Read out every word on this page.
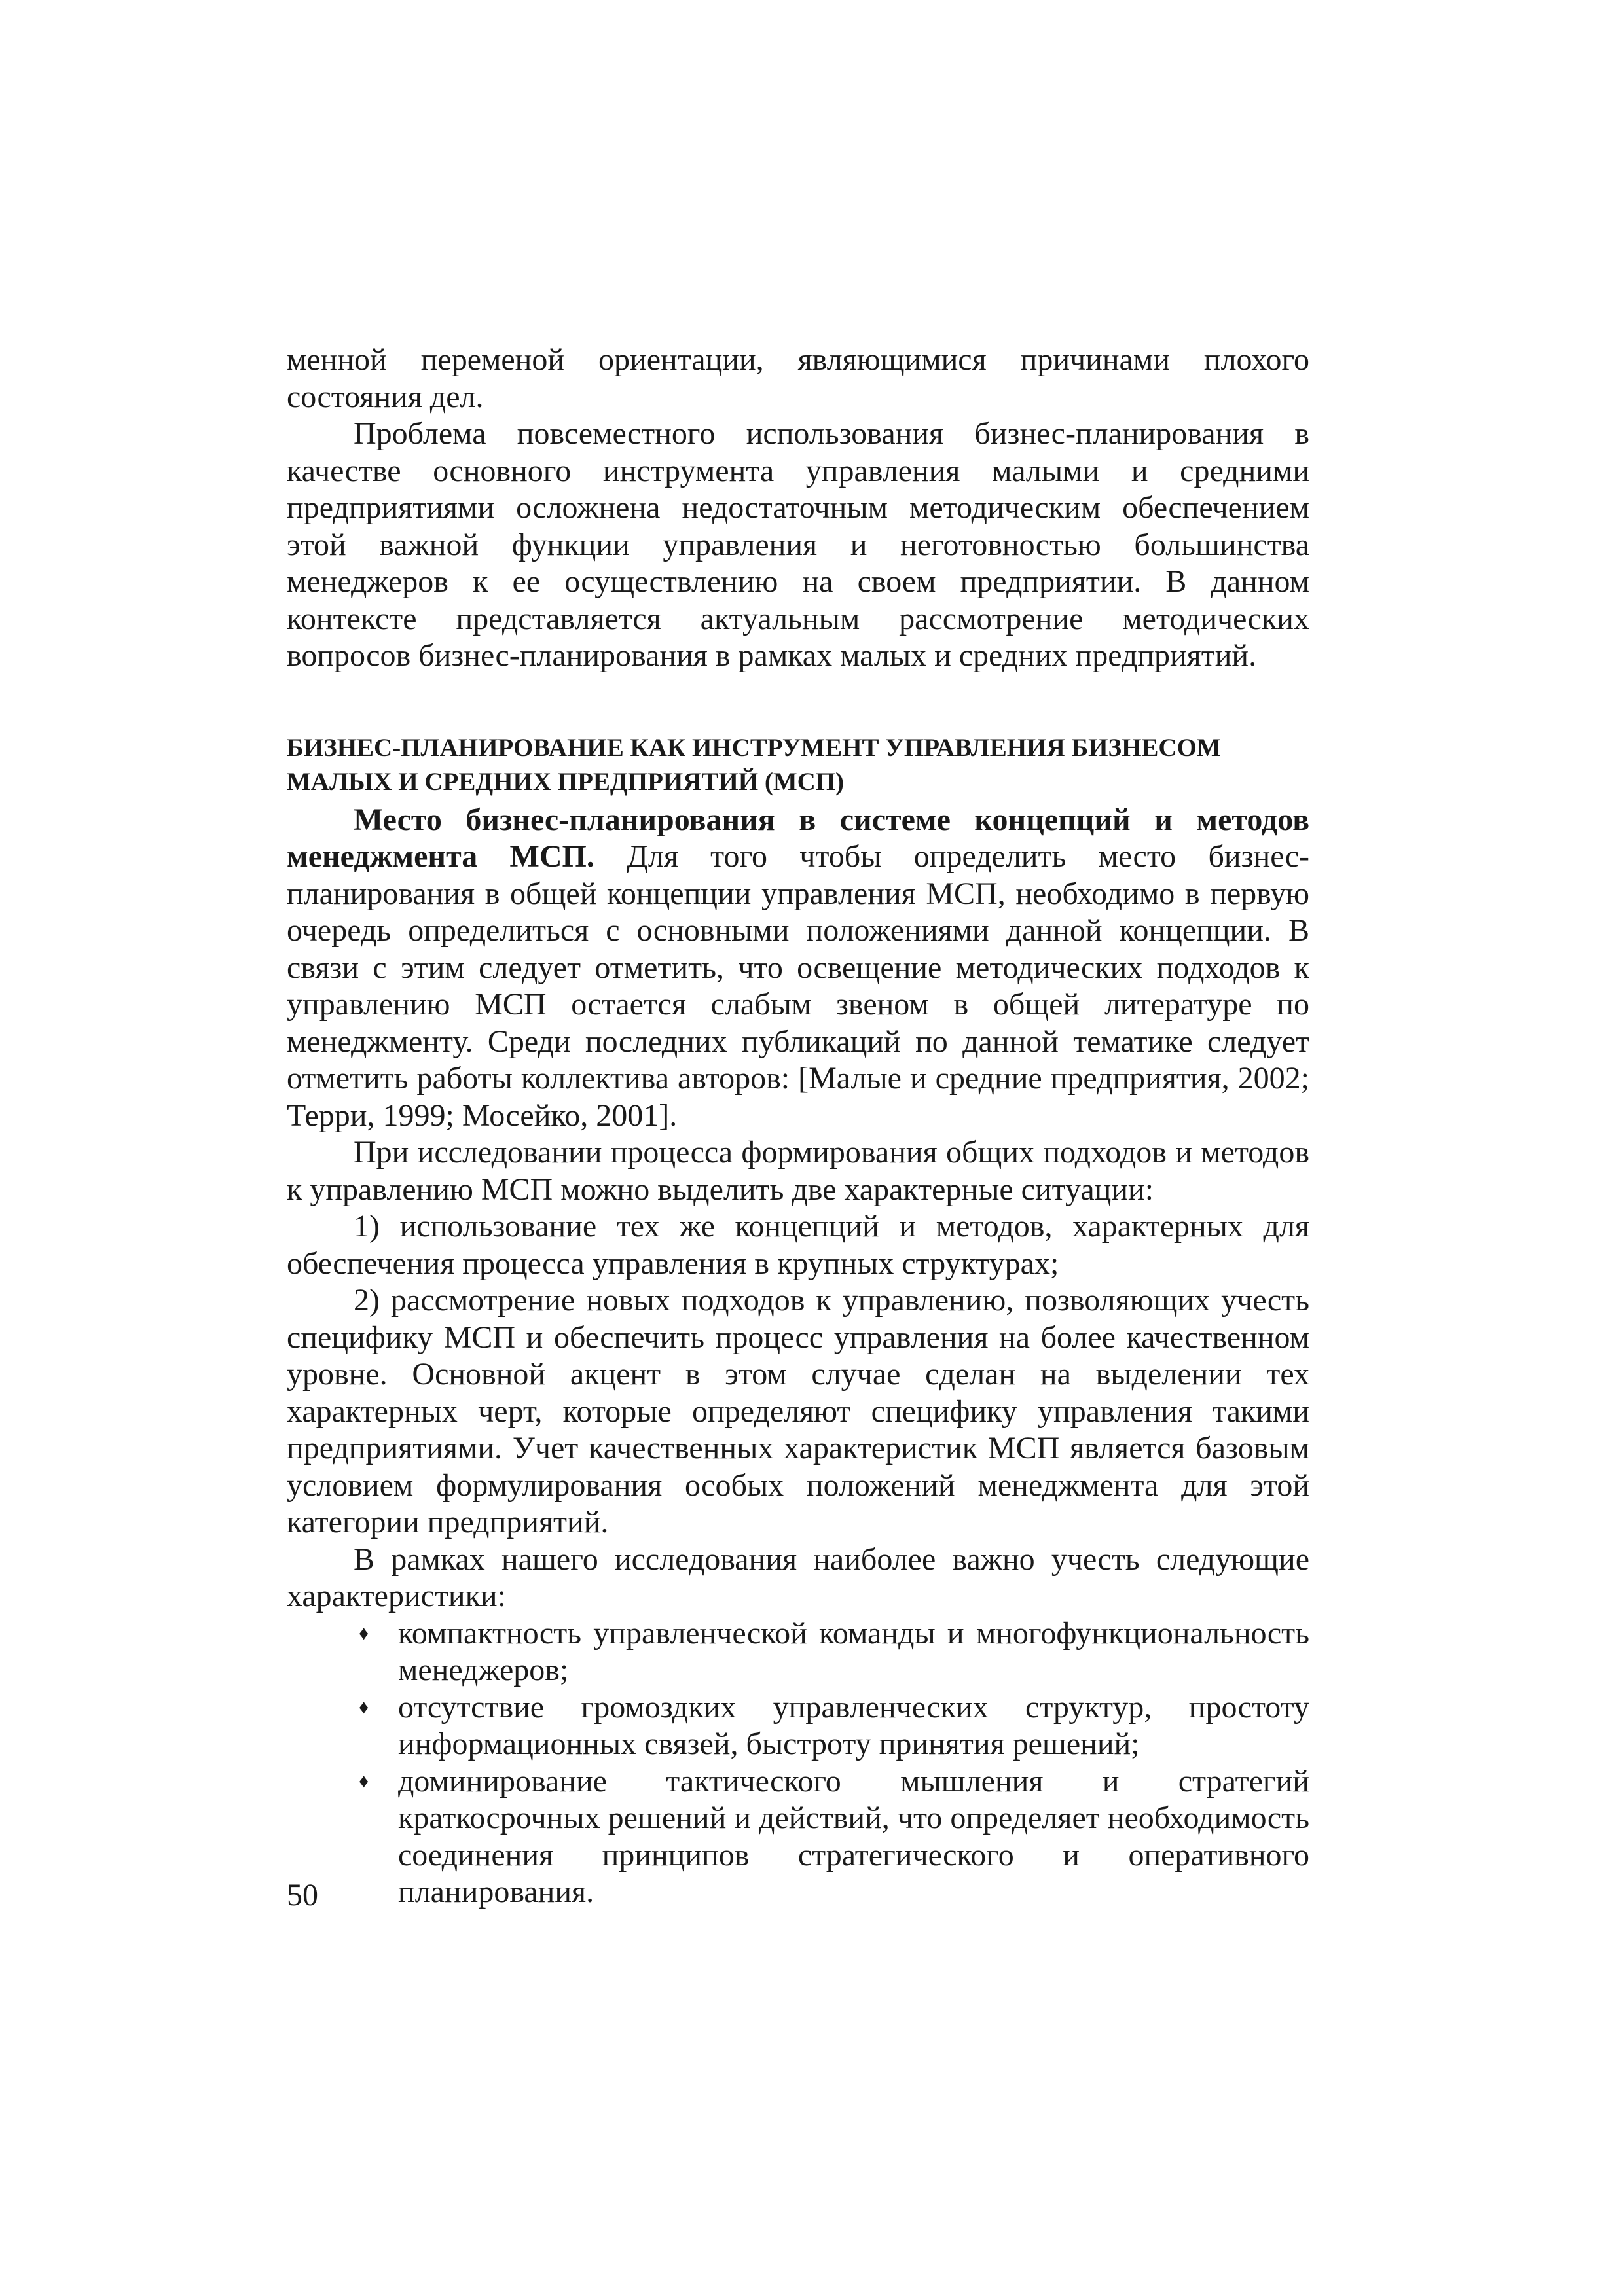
менной переменой ориентации, являющимися причинами плохого состояния дел.

Проблема повсеместного использования бизнес-планирования в качестве основного инструмента управления малыми и средними предприятиями осложнена недостаточным методическим обеспечением этой важной функции управления и неготовностью большинства менеджеров к ее осуществлению на своем предприятии. В данном контексте представляется актуальным рассмотрение методических вопросов бизнес-планирования в рамках малых и средних предприятий.

БИЗНЕС-ПЛАНИРОВАНИЕ КАК ИНСТРУМЕНТ УПРАВЛЕНИЯ БИЗНЕСОМ МАЛЫХ И СРЕДНИХ ПРЕДПРИЯТИЙ (МСП)

Место бизнес-планирования в системе концепций и методов менеджмента МСП. Для того чтобы определить место бизнес-планирования в общей концепции управления МСП, необходимо в первую очередь определиться с основными положениями данной концепции. В связи с этим следует отметить, что освещение методических подходов к управлению МСП остается слабым звеном в общей литературе по менеджменту. Среди последних публикаций по данной тематике следует отметить работы коллектива авторов: [Малые и средние предприятия, 2002; Терри, 1999; Мосейко, 2001].

При исследовании процесса формирования общих подходов и методов к управлению МСП можно выделить две характерные ситуации:

1) использование тех же концепций и методов, характерных для обеспечения процесса управления в крупных структурах;

2) рассмотрение новых подходов к управлению, позволяющих учесть специфику МСП и обеспечить процесс управления на более качественном уровне. Основной акцент в этом случае сделан на выделении тех характерных черт, которые определяют специфику управления такими предприятиями. Учет качественных характеристик МСП является базовым условием формулирования особых положений менеджмента для этой категории предприятий.

В рамках нашего исследования наиболее важно учесть следующие характеристики:

♦ компактность управленческой команды и многофункциональность менеджеров;
♦ отсутствие громоздких управленческих структур, простоту информационных связей, быстроту принятия решений;
♦ доминирование тактического мышления и стратегий краткосрочных решений и действий, что определяет необходимость соединения принципов стратегического и оперативного планирования.
50
